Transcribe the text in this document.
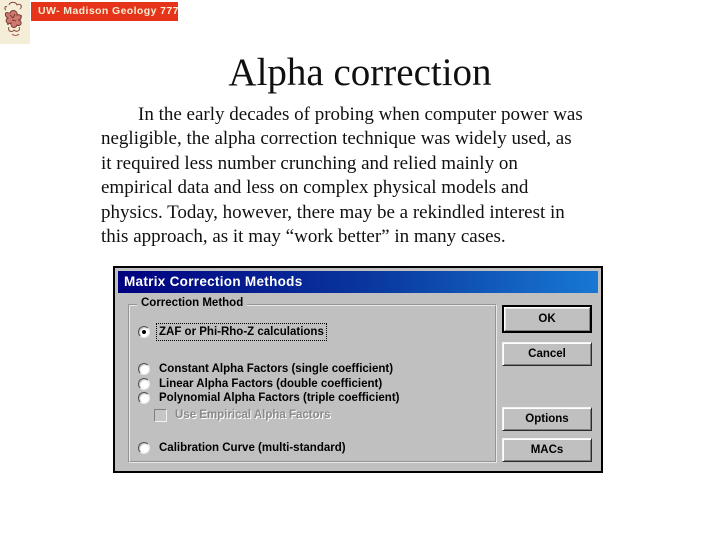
UW- Madison Geology 777
Alpha correction
In the early decades of probing when computer power was
negligible, the alpha correction technique was widely used, as
it required less number crunching and relied mainly on
empirical data and less on complex physical models and
physics. Today, however, there may be a rekindled interest in
this approach, as it may “work better” in many cases.
Matrix Correction Methods
Correction Method
ZAF or Phi-Rho-Z calculations
Constant Alpha Factors (single coefficient)
Linear Alpha Factors (double coefficient)
Polynomial Alpha Factors (triple coefficient)
Use Empirical Alpha Factors
Calibration Curve (multi-standard)
OK
Cancel
Options
MACs
